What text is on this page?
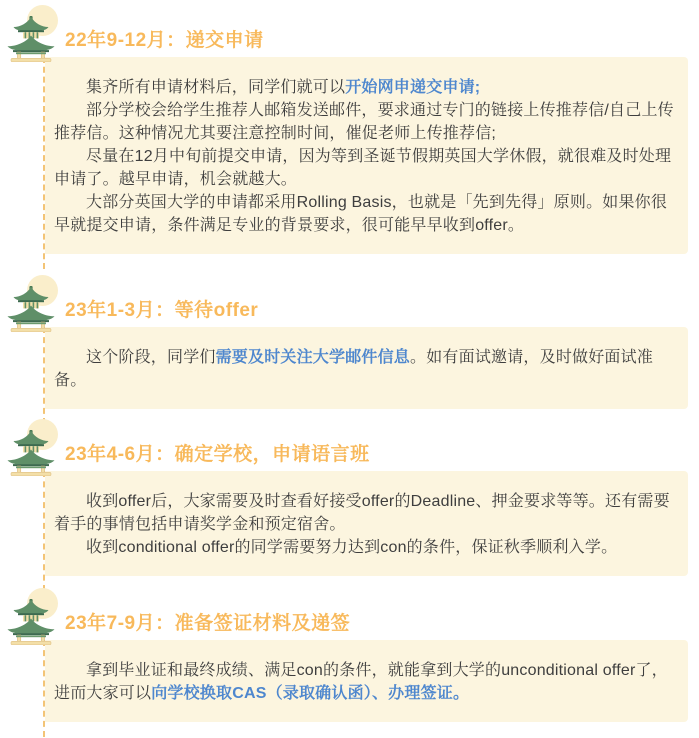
22年9-12月：递交申请

集齐所有申请材料后，同学们就可以开始网申递交申请;

部分学校会给学生推荐人邮箱发送邮件，要求通过专门的链接上传推荐信/自己上传推荐信。这种情况尤其要注意控制时间，催促老师上传推荐信;

尽量在12月中旬前提交申请，因为等到圣诞节假期英国大学休假，就很难及时处理申请了。越早申请，机会就越大。

大部分英国大学的申请都采用Rolling Basis，也就是「先到先得」原则。如果你很早就提交申请，条件满足专业的背景要求，很可能早早收到offer。

23年1-3月：等待offer

这个阶段，同学们需要及时关注大学邮件信息。如有面试邀请，及时做好面试准备。

23年4-6月：确定学校，申请语言班

收到offer后，大家需要及时查看好接受offer的Deadline、押金要求等等。还有需要着手的事情包括申请奖学金和预定宿舍。

收到conditional offer的同学需要努力达到con的条件，保证秋季顺利入学。

23年7-9月：准备签证材料及递签

拿到毕业证和最终成绩、满足con的条件，就能拿到大学的unconditional offer了，进而大家可以向学校换取CAS（录取确认函）、办理签证。
